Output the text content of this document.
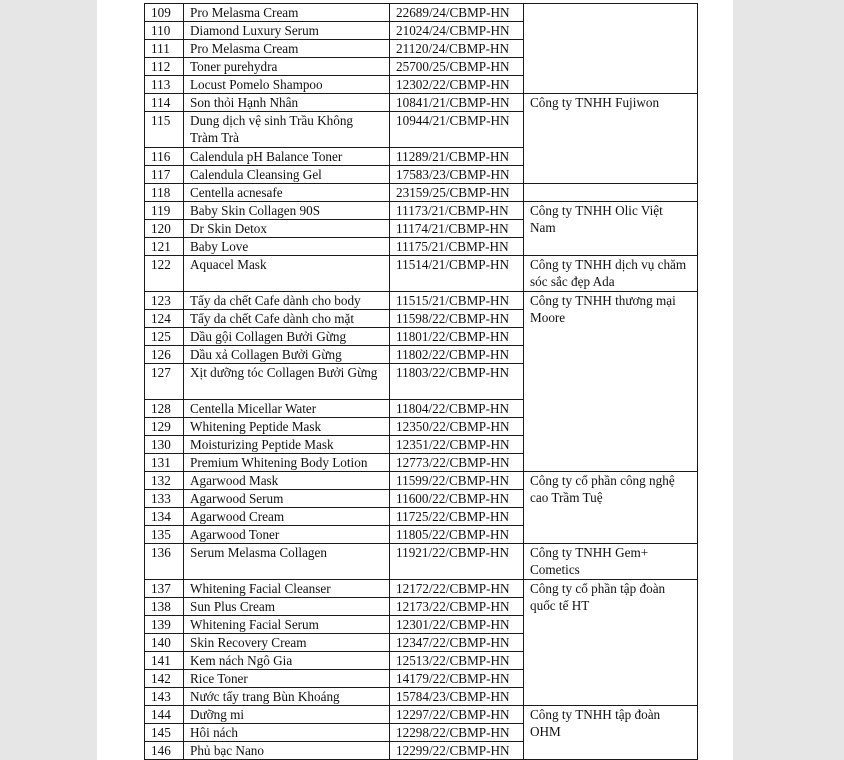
109	Pro Melasma Cream	22689/24/CBMP-HN	
110	Diamond Luxury Serum	21024/24/CBMP-HN	
111	Pro Melasma Cream	21120/24/CBMP-HN	
112	Toner purehydra	25700/25/CBMP-HN	
113	Locust Pomelo Shampoo	12302/22/CBMP-HN	
114	Son thỏi Hạnh Nhân	10841/21/CBMP-HN	Công ty TNHH Fujiwon
115	Dung dịch vệ sinh Trầu Không Tràm Trà	10944/21/CBMP-HN	
116	Calendula pH Balance Toner	11289/21/CBMP-HN	
117	Calendula Cleansing Gel	17583/23/CBMP-HN	
118	Centella acnesafe	23159/25/CBMP-HN	
119	Baby Skin Collagen 90S	11173/21/CBMP-HN	Công ty TNHH Olic Việt Nam
120	Dr Skin Detox	11174/21/CBMP-HN	
121	Baby Love	11175/21/CBMP-HN	
122	Aquacel Mask	11514/21/CBMP-HN	Công ty TNHH dịch vụ chăm sóc sắc đẹp Ada
123	Tẩy da chết Cafe dành cho body	11515/21/CBMP-HN	Công ty TNHH thương mại Moore
124	Tẩy da chết Cafe dành cho mặt	11598/22/CBMP-HN	
125	Dầu gội Collagen Bưởi Gừng	11801/22/CBMP-HN	
126	Dầu xả Collagen Bưởi Gừng	11802/22/CBMP-HN	
127	Xịt dưỡng tóc Collagen Bưởi Gừng	11803/22/CBMP-HN	
128	Centella Micellar Water	11804/22/CBMP-HN	
129	Whitening Peptide Mask	12350/22/CBMP-HN	
130	Moisturizing Peptide Mask	12351/22/CBMP-HN	
131	Premium Whitening Body Lotion	12773/22/CBMP-HN	
132	Agarwood Mask	11599/22/CBMP-HN	Công ty cổ phần công nghệ cao Trầm Tuệ
133	Agarwood Serum	11600/22/CBMP-HN	
134	Agarwood Cream	11725/22/CBMP-HN	
135	Agarwood Toner	11805/22/CBMP-HN	
136	Serum Melasma Collagen	11921/22/CBMP-HN	Công ty TNHH Gem+ Cometics
137	Whitening Facial Cleanser	12172/22/CBMP-HN	Công ty cổ phần tập đoàn quốc tế HT
138	Sun Plus Cream	12173/22/CBMP-HN	
139	Whitening Facial Serum	12301/22/CBMP-HN	
140	Skin Recovery Cream	12347/22/CBMP-HN	
141	Kem nách Ngô Gia	12513/22/CBMP-HN	
142	Rice Toner	14179/22/CBMP-HN	
143	Nước tẩy trang Bùn Khoáng	15784/23/CBMP-HN	
144	Dưỡng mi	12297/22/CBMP-HN	Công ty TNHH tập đoàn OHM
145	Hôi nách	12298/22/CBMP-HN	
146	Phủ bạc Nano	12299/22/CBMP-HN	
